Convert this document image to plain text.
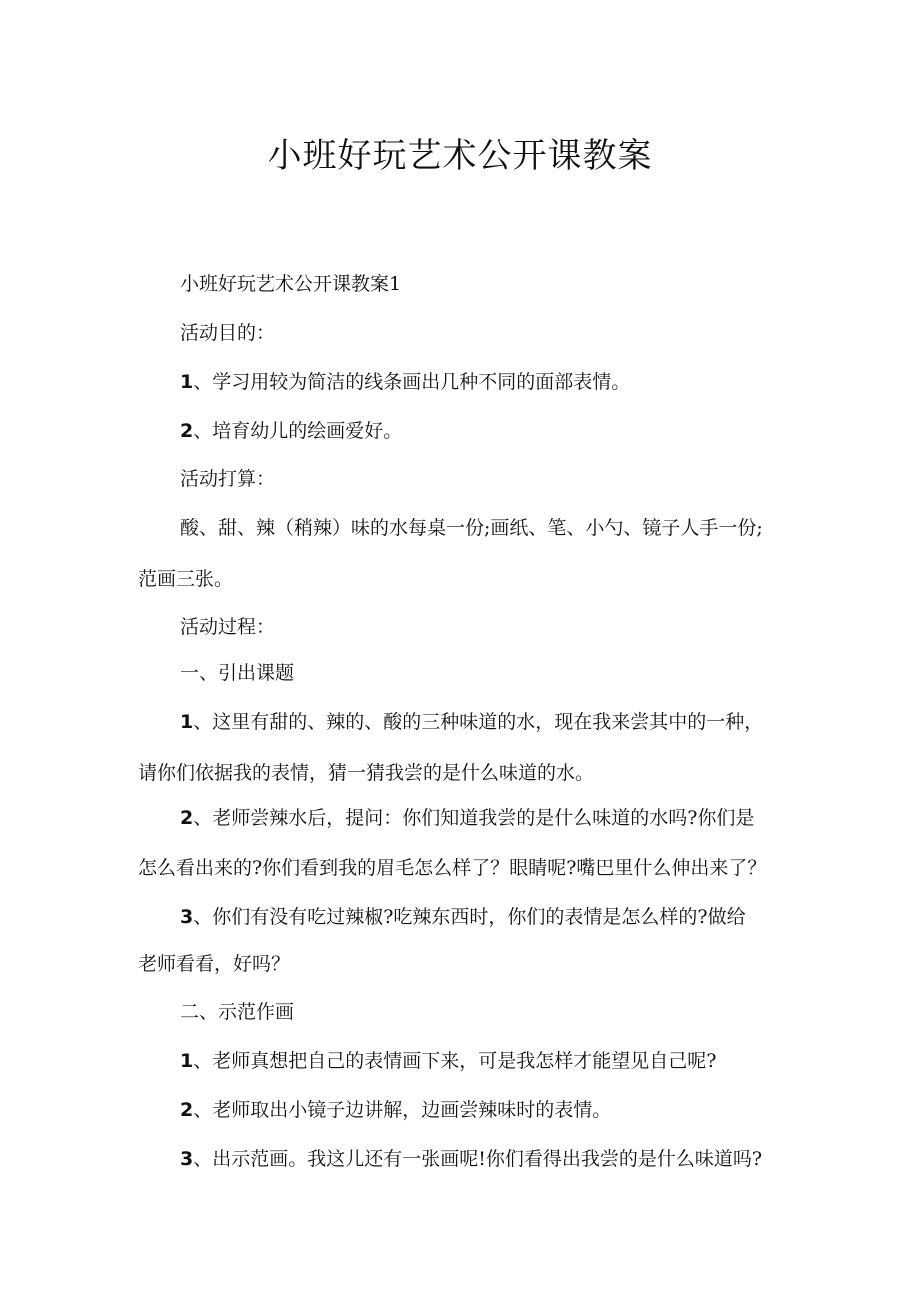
小班好玩艺术公开课教案

小班好玩艺术公开课教案1

活动目的：

1、学习用较为简洁的线条画出几种不同的面部表情。

2、培育幼儿的绘画爱好。

活动打算：

酸、甜、辣（稍辣）味的水每桌一份;画纸、笔、小勺、镜子人手一份;

范画三张。

活动过程：

一、引出课题

1、这里有甜的、辣的、酸的三种味道的水，现在我来尝其中的一种，

请你们依据我的表情，猜一猜我尝的是什么味道的水。

2、老师尝辣水后，提问：你们知道我尝的是什么味道的水吗?你们是

怎么看出来的?你们看到我的眉毛怎么样了？眼睛呢?嘴巴里什么伸出来了？

3、你们有没有吃过辣椒?吃辣东西时，你们的表情是怎么样的?做给

老师看看，好吗？

二、示范作画

1、老师真想把自己的表情画下来，可是我怎样才能望见自己呢?

2、老师取出小镜子边讲解，边画尝辣味时的表情。

3、出示范画。我这儿还有一张画呢!你们看得出我尝的是什么味道吗?
